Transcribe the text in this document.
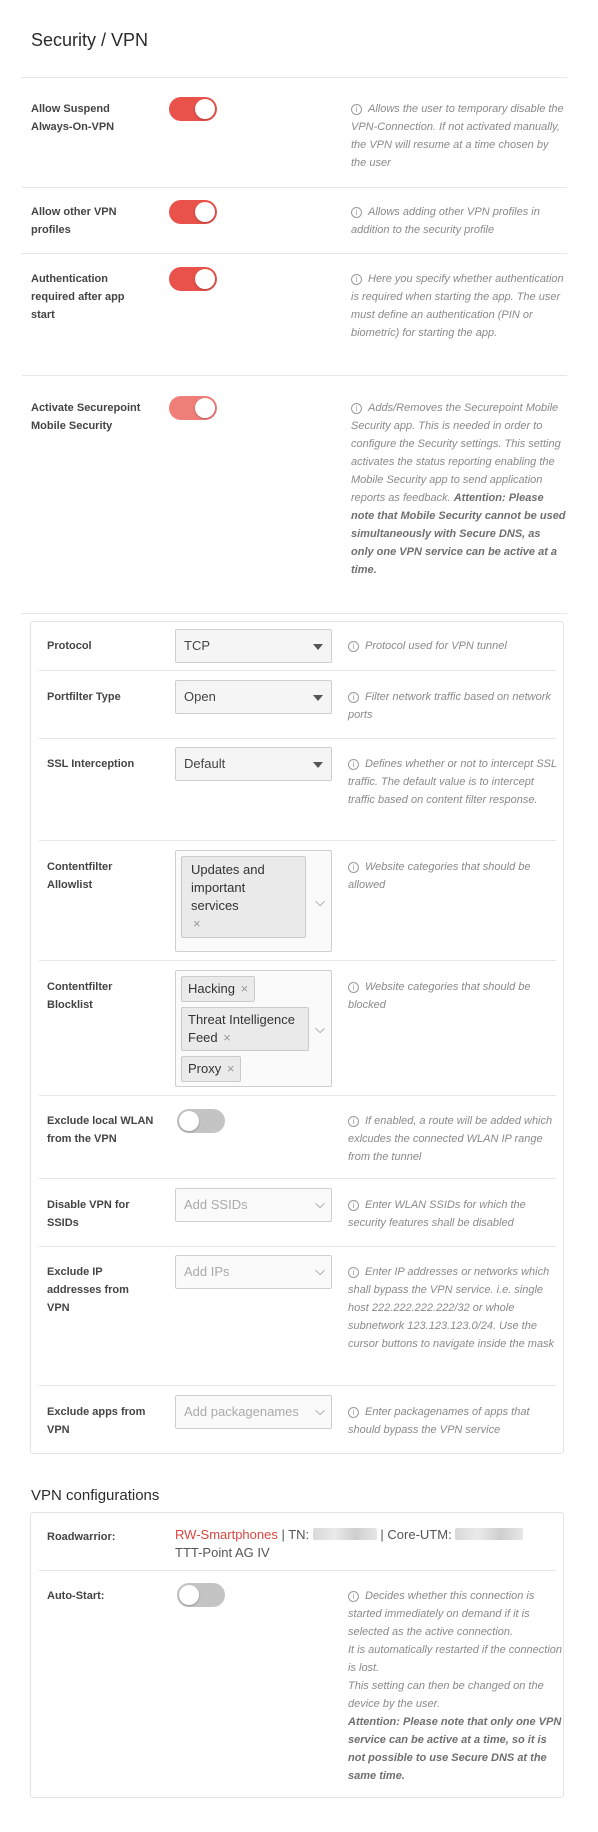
Security / VPN
Allow Suspend Always-On-VPN
i Allows the user to temporary disable the VPN-Connection. If not activated manually, the VPN will resume at a time chosen by the user
Allow other VPN profiles
i Allows adding other VPN profiles in addition to the security profile
Authentication required after app start
i Here you specify whether authentication is required when starting the app. The user must define an authentication (PIN or biometric) for starting the app.
Activate Securepoint Mobile Security
i Adds/Removes the Securepoint Mobile Security app. This is needed in order to configure the Security settings. This setting activates the status reporting enabling the Mobile Security app to send application reports as feedback. Attention: Please note that Mobile Security cannot be used simultaneously with Secure DNS, as only one VPN service can be active at a time.
Protocol	TCP	i Protocol used for VPN tunnel
Portfilter Type	Open	i Filter network traffic based on network ports
SSL Interception	Default	i Defines whether or not to intercept SSL traffic. The default value is to intercept traffic based on content filter response.
Contentfilter Allowlist
Updates and important services
×
⌵
i Website categories that should be allowed
Contentfilter Blocklist
Hacking ×
Threat Intelligence Feed ×
Proxy ×
⌵
i Website categories that should be blocked
Exclude local WLAN from the VPN
i If enabled, a route will be added which exlcudes the connected WLAN IP range from the tunnel
Disable VPN for SSIDs
Add SSIDs	⌵	i Enter WLAN SSIDs for which the security features shall be disabled
Exclude IP addresses from VPN
Add IPs	⌵	i Enter IP addresses or networks which shall bypass the VPN service. i.e. single host 222.222.222.222/32 or whole subnetwork 123.123.123.0/24. Use the cursor buttons to navigate inside the mask
Exclude apps from VPN
Add packagenames ⌵	i Enter packagenames of apps that should bypass the VPN service
VPN configurations
Roadwarrior:	RW-Smartphones | TN:	| Core-UTM:
TTT-Point AG IV
Auto-Start:	i Decides whether this connection is started immediately on demand if it is selected as the active connection.
It is automatically restarted if the connection is lost.
This setting can then be changed on the device by the user.
Attention: Please note that only one VPN service can be active at a time, so it is not possible to use Secure DNS at the same time.
